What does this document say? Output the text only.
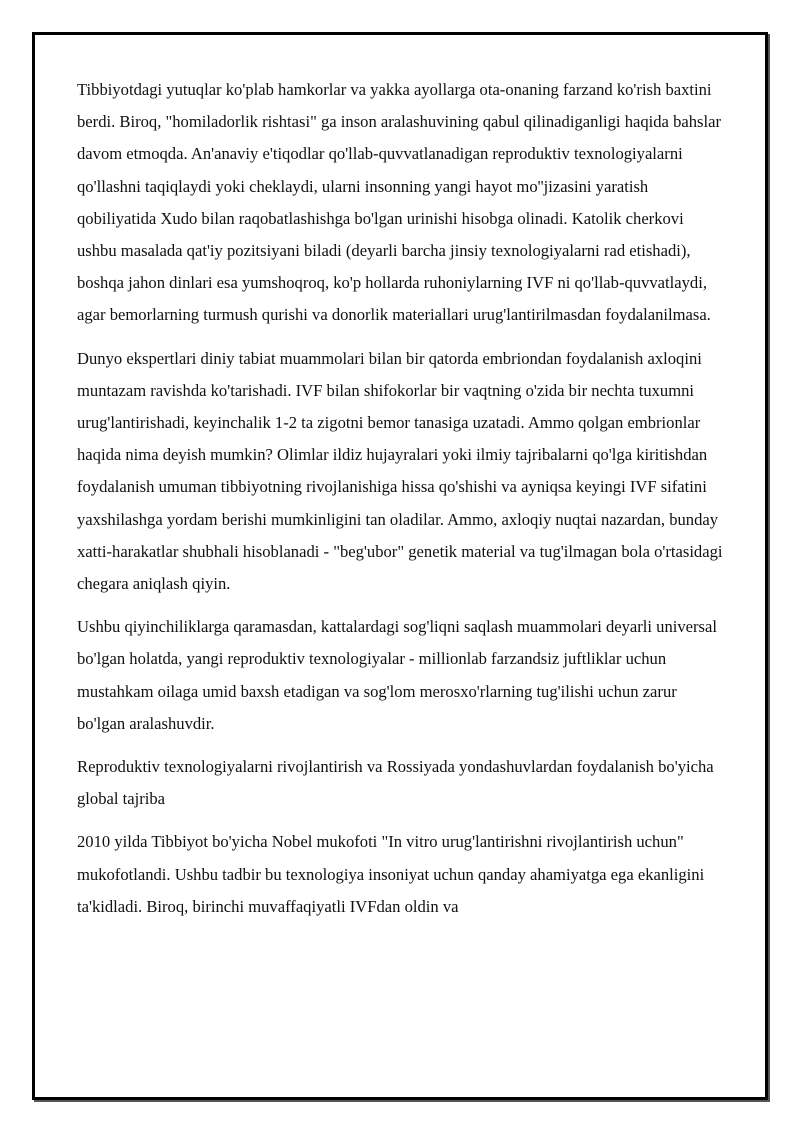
Tibbiyotdagi yutuqlar ko'plab hamkorlar va yakka ayollarga ota-onaning farzand ko'rish baxtini berdi. Biroq, "homiladorlik rishtasi" ga inson aralashuvining qabul qilinadiganligi haqida bahslar davom etmoqda. An'anaviy e'tiqodlar qo'llab-quvvatlanadigan reproduktiv texnologiyalarni qo'llashni taqiqlaydi yoki cheklaydi, ularni insonning yangi hayot mo''jizasini yaratish qobiliyatida Xudo bilan raqobatlashishga bo'lgan urinishi hisobga olinadi. Katolik cherkovi ushbu masalada qat'iy pozitsiyani biladi (deyarli barcha jinsiy texnologiyalarni rad etishadi), boshqa jahon dinlari esa yumshoqroq, ko'p hollarda ruhoniylarning IVF ni qo'llab-quvvatlaydi, agar bemorlarning turmush qurishi va donorlik materiallari urug'lantirilmasdan foydalanilmasa.

Dunyo ekspertlari diniy tabiat muammolari bilan bir qatorda embriondan foydalanish axloqini muntazam ravishda ko'tarishadi. IVF bilan shifokorlar bir vaqtning o'zida bir nechta tuxumni urug'lantirishadi, keyinchalik 1-2 ta zigotni bemor tanasiga uzatadi. Ammo qolgan embrionlar haqida nima deyish mumkin? Olimlar ildiz hujayralari yoki ilmiy tajribalarni qo'lga kiritishdan foydalanish umuman tibbiyotning rivojlanishiga hissa qo'shishi va ayniqsa keyingi IVF sifatini yaxshilashga yordam berishi mumkinligini tan oladilar. Ammo, axloqiy nuqtai nazardan, bunday xatti-harakatlar shubhali hisoblanadi - "beg'ubor" genetik material va tug'ilmagan bola o'rtasidagi chegara aniqlash qiyin.

Ushbu qiyinchiliklarga qaramasdan, kattalardagi sog'liqni saqlash muammolari deyarli universal bo'lgan holatda, yangi reproduktiv texnologiyalar - millionlab farzandsiz juftliklar uchun mustahkam oilaga umid baxsh etadigan va sog'lom merosxo'rlarning tug'ilishi uchun zarur bo'lgan aralashuvdir.

Reproduktiv texnologiyalarni rivojlantirish va Rossiyada yondashuvlardan foydalanish bo'yicha global tajriba

2010 yilda Tibbiyot bo'yicha Nobel mukofoti "In vitro urug'lantirishni rivojlantirish uchun" mukofotlandi. Ushbu tadbir bu texnologiya insoniyat uchun qanday ahamiyatga ega ekanligini ta'kidladi. Biroq, birinchi muvaffaqiyatli IVFdan oldin va
